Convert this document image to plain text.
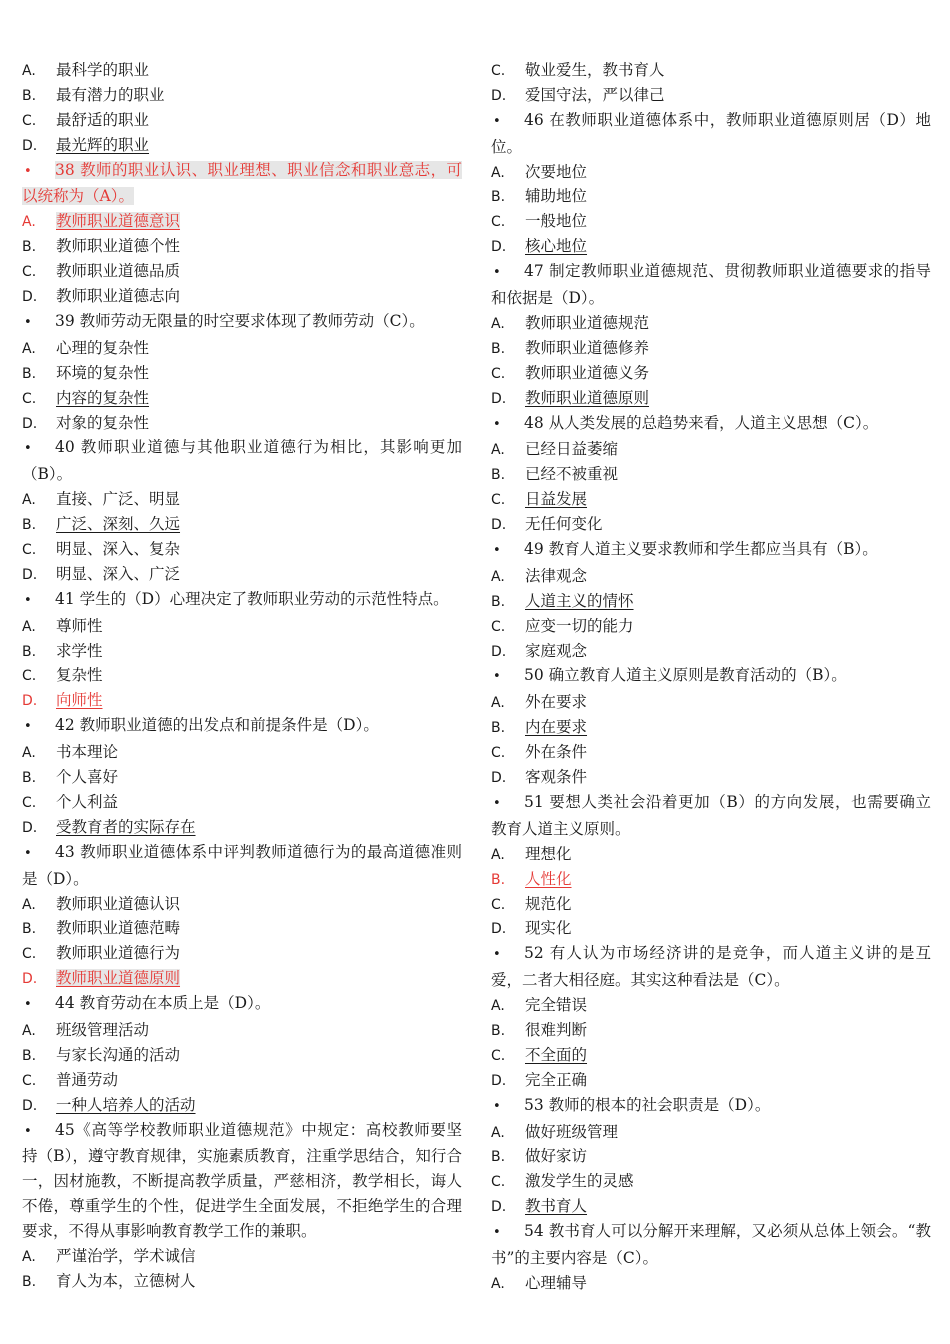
A. 最科学的职业
B. 最有潜力的职业
C. 最舒适的职业
D. 最光辉的职业
• 38 教师的职业认识、职业理想、职业信念和职业意志，可以统称为（A）。
A. 教师职业道德意识
B. 教师职业道德个性
C. 教师职业道德品质
D. 教师职业道德志向
• 39 教师劳动无限量的时空要求体现了教师劳动（C）。
A. 心理的复杂性
B. 环境的复杂性
C. 内容的复杂性
D. 对象的复杂性
• 40 教师职业道德与其他职业道德行为相比，其影响更加（B）。
A. 直接、广泛、明显
B. 广泛、深刻、久远
C. 明显、深入、复杂
D. 明显、深入、广泛
• 41 学生的（D）心理决定了教师职业劳动的示范性特点。
A. 尊师性
B. 求学性
C. 复杂性
D. 向师性
• 42 教师职业道德的出发点和前提条件是（D）。
A. 书本理论
B. 个人喜好
C. 个人利益
D. 受教育者的实际存在
• 43 教师职业道德体系中评判教师道德行为的最高道德准则是（D）。
A. 教师职业道德认识
B. 教师职业道德范畴
C. 教师职业道德行为
D. 教师职业道德原则
• 44 教育劳动在本质上是（D）。
A. 班级管理活动
B. 与家长沟通的活动
C. 普通劳动
D. 一种人培养人的活动
• 45《高等学校教师职业道德规范》中规定：高校教师要坚持（B），遵守教育规律，实施素质教育，注重学思结合，知行合一，因材施教，不断提高教学质量，严慈相济，教学相长，诲人不倦，尊重学生的个性，促进学生全面发展，不拒绝学生的合理要求，不得从事影响教育教学工作的兼职。
A. 严谨治学，学术诚信
B. 育人为本，立德树人
C. 敬业爱生，教书育人
D. 爱国守法，严以律己
• 46 在教师职业道德体系中，教师职业道德原则居（D）地位。
A. 次要地位
B. 辅助地位
C. 一般地位
D. 核心地位
• 47 制定教师职业道德规范、贯彻教师职业道德要求的指导和依据是（D）。
A. 教师职业道德规范
B. 教师职业道德修养
C. 教师职业道德义务
D. 教师职业道德原则
• 48 从人类发展的总趋势来看，人道主义思想（C）。
A. 已经日益萎缩
B. 已经不被重视
C. 日益发展
D. 无任何变化
• 49 教育人道主义要求教师和学生都应当具有（B）。
A. 法律观念
B. 人道主义的情怀
C. 应变一切的能力
D. 家庭观念
• 50 确立教育人道主义原则是教育活动的（B）。
A. 外在要求
B. 内在要求
C. 外在条件
D. 客观条件
• 51 要想人类社会沿着更加（B）的方向发展，也需要确立教育人道主义原则。
A. 理想化
B. 人性化
C. 规范化
D. 现实化
• 52 有人认为市场经济讲的是竞争，而人道主义讲的是互爱，二者大相径庭。其实这种看法是（C）。
A. 完全错误
B. 很难判断
C. 不全面的
D. 完全正确
• 53 教师的根本的社会职责是（D）。
A. 做好班级管理
B. 做好家访
C. 激发学生的灵感
D. 教书育人
• 54 教书育人可以分解开来理解，又必须从总体上领会。“教书”的主要内容是（C）。
A. 心理辅导
